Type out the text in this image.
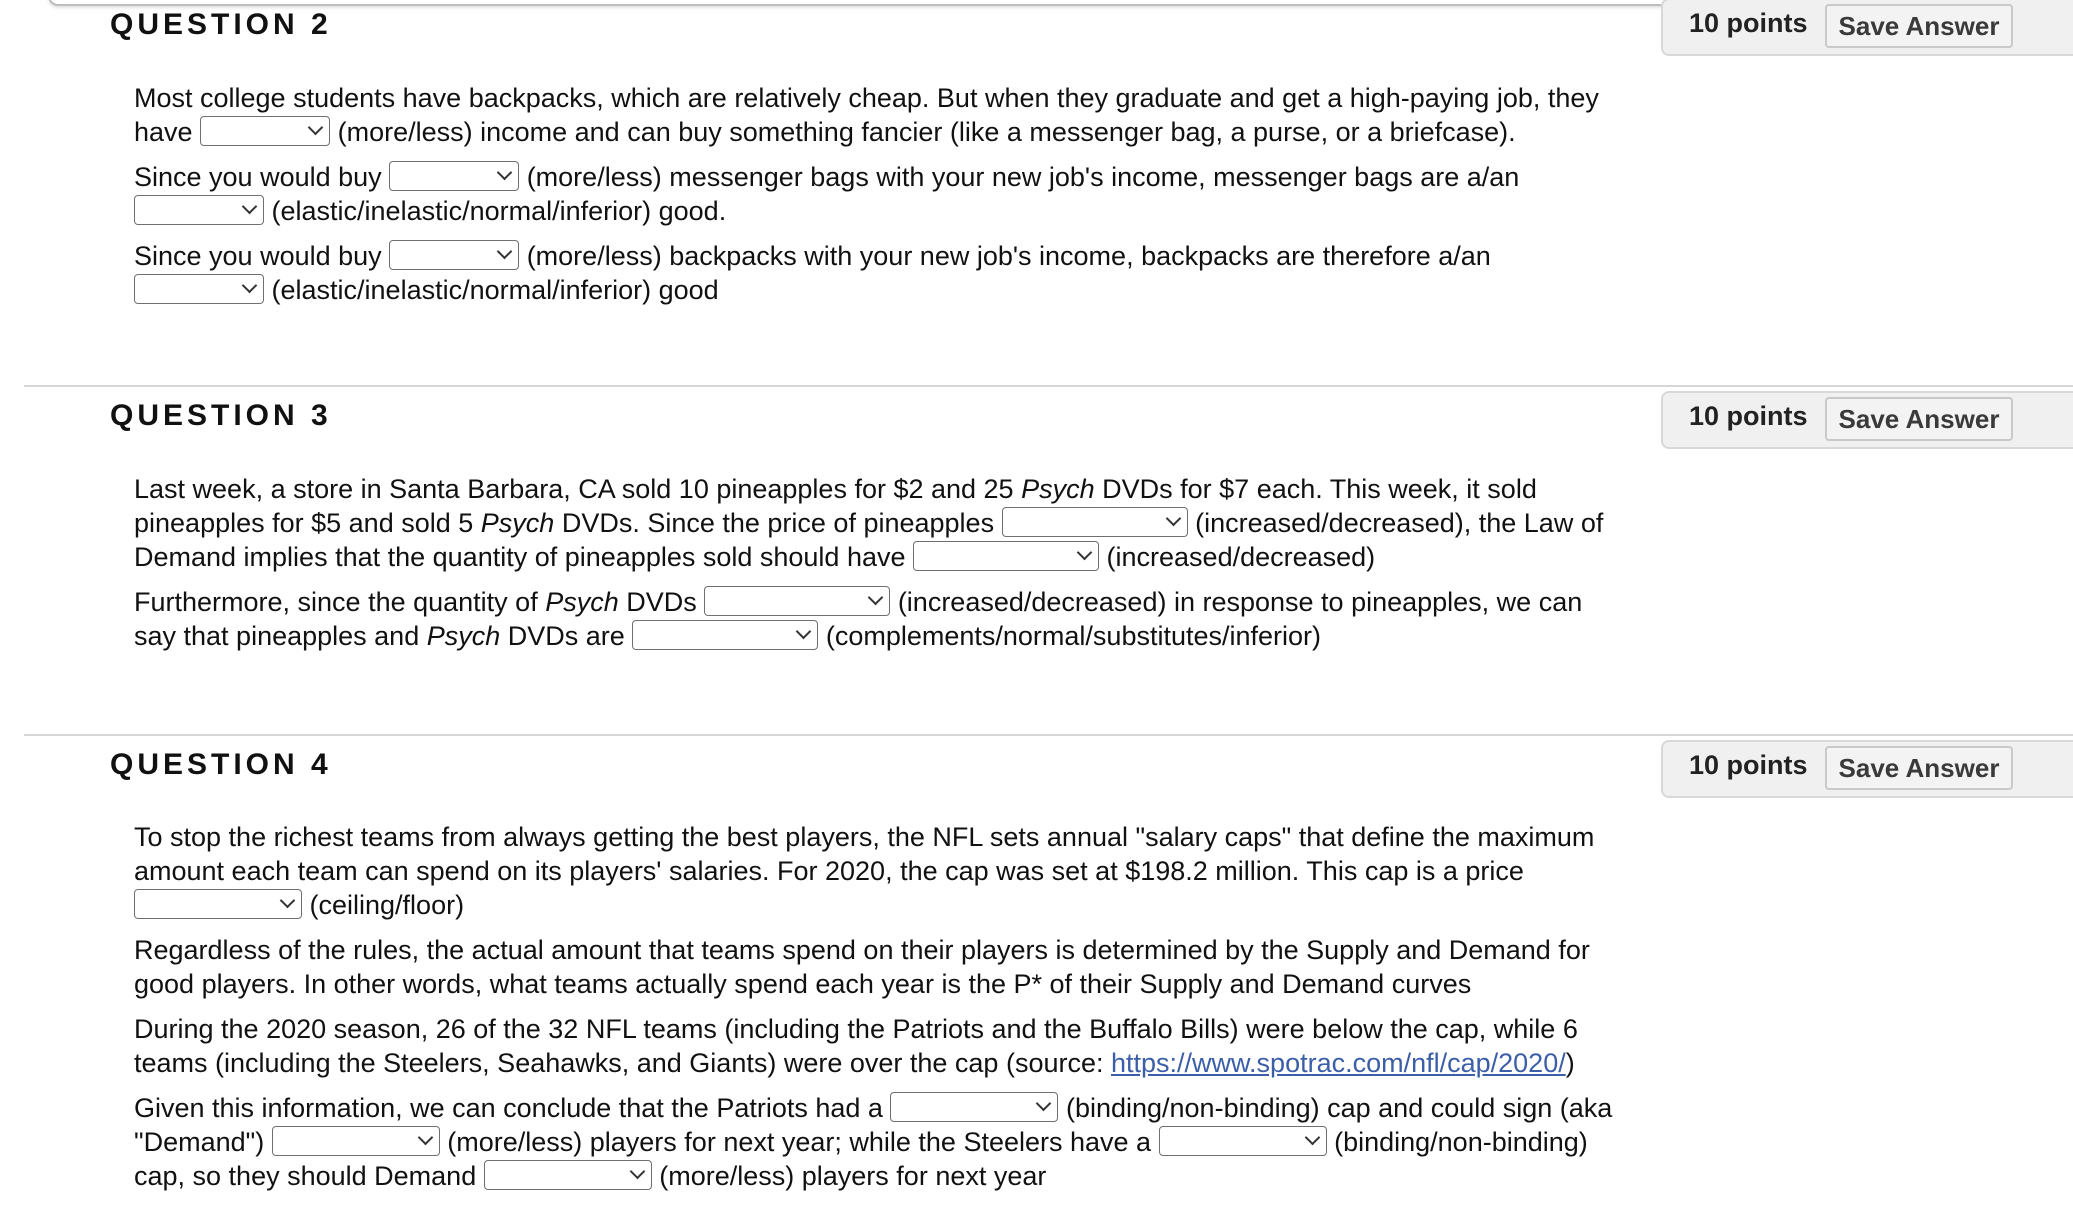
QUESTION 2	10 points	Save Answer

Most college students have backpacks, which are relatively cheap. But when they graduate and get a high-paying job, they have	(more/less) income and can buy something fancier (like a messenger bag, a purse, or a briefcase).

Since you would buy	(more/less) messenger bags with your new job's income, messenger bags are a/an
(elastic/inelastic/normal/inferior) good.

Since you would buy	(more/less) backpacks with your new job's income, backpacks are therefore a/an
(elastic/inelastic/normal/inferior) good

QUESTION 3	10 points	Save Answer

Last week, a store in Santa Barbara, CA sold 10 pineapples for $2 and 25 Psych DVDs for $7 each. This week, it sold pineapples for $5 and sold 5 Psych DVDs. Since the price of pineapples	(increased/decreased), the Law of Demand implies that the quantity of pineapples sold should have	(increased/decreased)

Furthermore, since the quantity of Psych DVDs	(increased/decreased) in response to pineapples, we can say that pineapples and Psych DVDs are	(complements/normal/substitutes/inferior)

QUESTION 4	10 points	Save Answer

To stop the richest teams from always getting the best players, the NFL sets annual "salary caps" that define the maximum amount each team can spend on its players' salaries. For 2020, the cap was set at $198.2 million. This cap is a price
(ceiling/floor)

Regardless of the rules, the actual amount that teams spend on their players is determined by the Supply and Demand for good players. In other words, what teams actually spend each year is the P* of their Supply and Demand curves

During the 2020 season, 26 of the 32 NFL teams (including the Patriots and the Buffalo Bills) were below the cap, while 6 teams (including the Steelers, Seahawks, and Giants) were over the cap (source: https://www.spotrac.com/nfl/cap/2020/)

Given this information, we can conclude that the Patriots had a	(binding/non-binding) cap and could sign (aka "Demand")	(more/less) players for next year; while the Steelers have a	(binding/non-binding) cap, so they should Demand	(more/less) players for next year
